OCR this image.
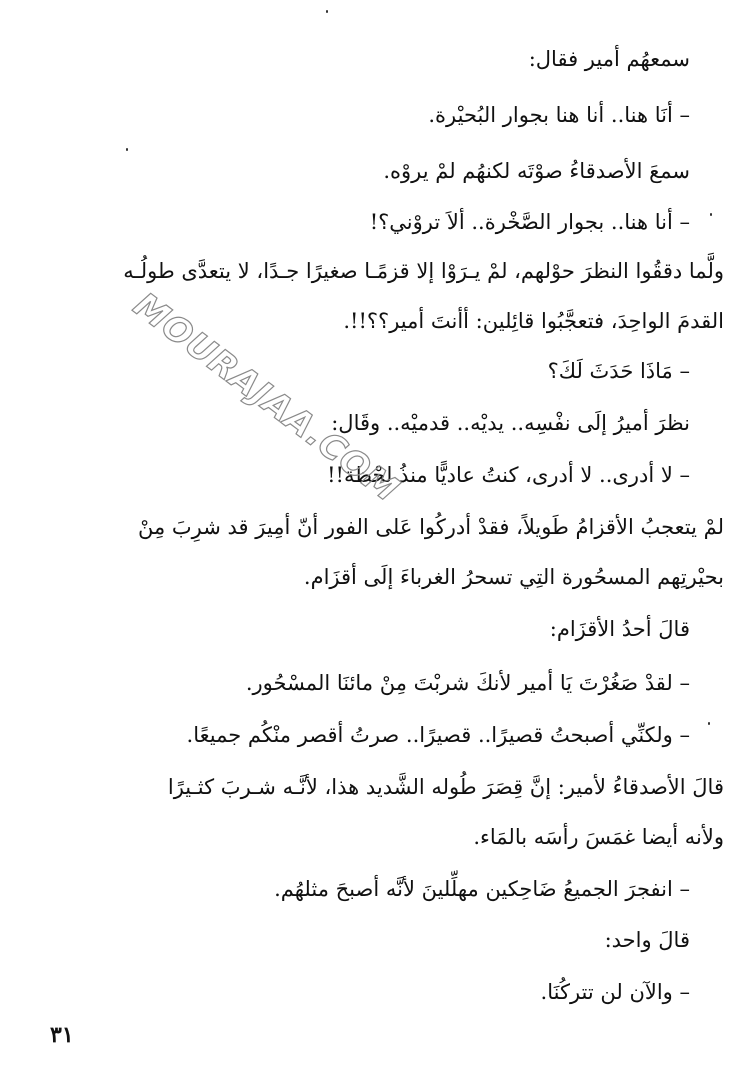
سمعهُم أمير فقال:
– أنَا هنا.. أنا هنا بجوار البُحيْرة.
سمعَ الأصدقاءُ صوْتَه لكنهُم لمْ يروْه.
– أنا هنا.. بجوار الصَّخْرة.. ألاَ تروْني؟!
ولَّما دققُوا النظرَ حوْلهم، لمْ يـرَوْا إلا قزمًـا صغيرًا جـدًا، لا يتعدَّى طولُـه
القدمَ الواحِدَ، فتعجَّبُوا قائِلين: أأنتَ أمير؟؟!!.
– مَاذَا حَدَثَ لَكَ؟
نظرَ أميرُ إلَى نفْسِه.. يديْه.. قدميْه.. وقَال:
– لا أدرى.. لا أدرى، كنتُ عاديًّا منذُ لحْظة!!
لمْ يتعجبُ الأقزامُ طَويلاً، فقدْ أدركُوا عَلى الفور أنّ أمِيرَ قد شرِبَ مِنْ
بحيْرتِهم المسحُورة التِي تسحرُ الغرباءَ إلَى أقزَام.
قالَ أحدُ الأقزَام:
– لقدْ صَغُرْتَ يَا أمير لأنكَ شربْتَ مِنْ مائنَا المسْحُور.
– ولكنِّي أصبحتُ قصيرًا.. قصيرًا.. صرتُ أقصر منْكُم جميعًا.
قالَ الأصدقاءُ لأمير: إنَّ قِصَرَ طُوله الشَّديد هذا، لأنَّـه شـربَ كثـيرًا
ولأنه أيضا غمَسَ رأسَه بالمَاء.
– انفجرَ الجميعُ ضَاحِكين مهلِّلينَ لأنَّه أصبحَ مثلهُم.
قالَ واحد:
– والآن لن تتركُنَا.
MOURAJAA.COM
٣١
